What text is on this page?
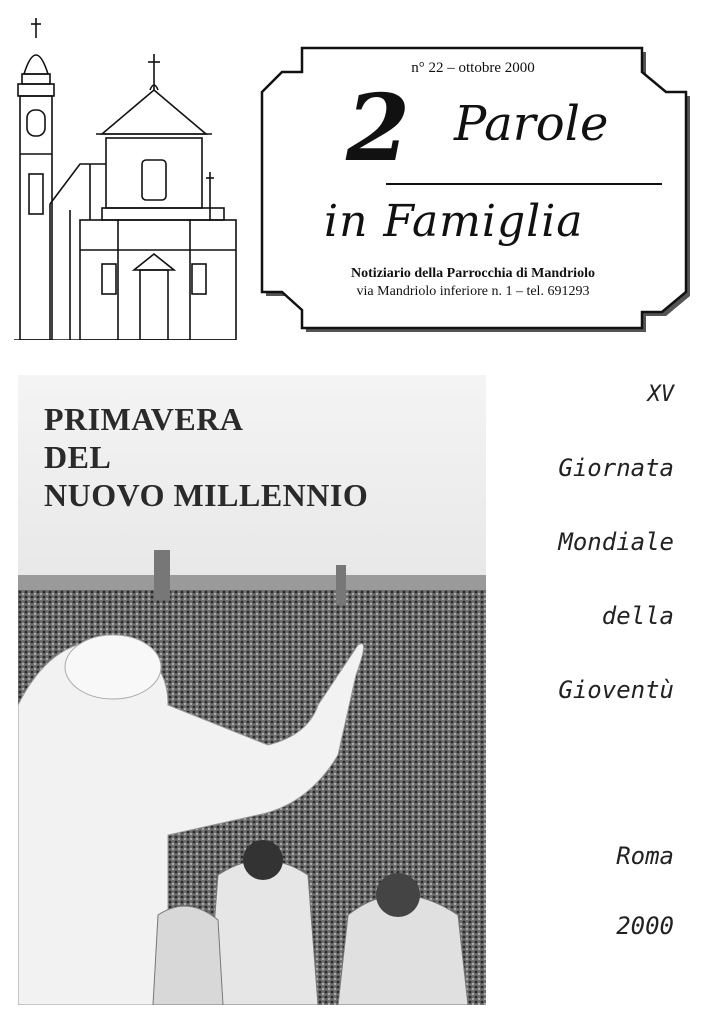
n° 22 – ottobre 2000
2 Parole
in Famiglia
Notiziario della Parrocchia di Mandriolo
via Mandriolo inferiore n. 1 – tel. 691293
PRIMAVERA
DEL
NUOVO MILLENNIO
XV
Giornata
Mondiale
della
Gioventù
Roma
2000
